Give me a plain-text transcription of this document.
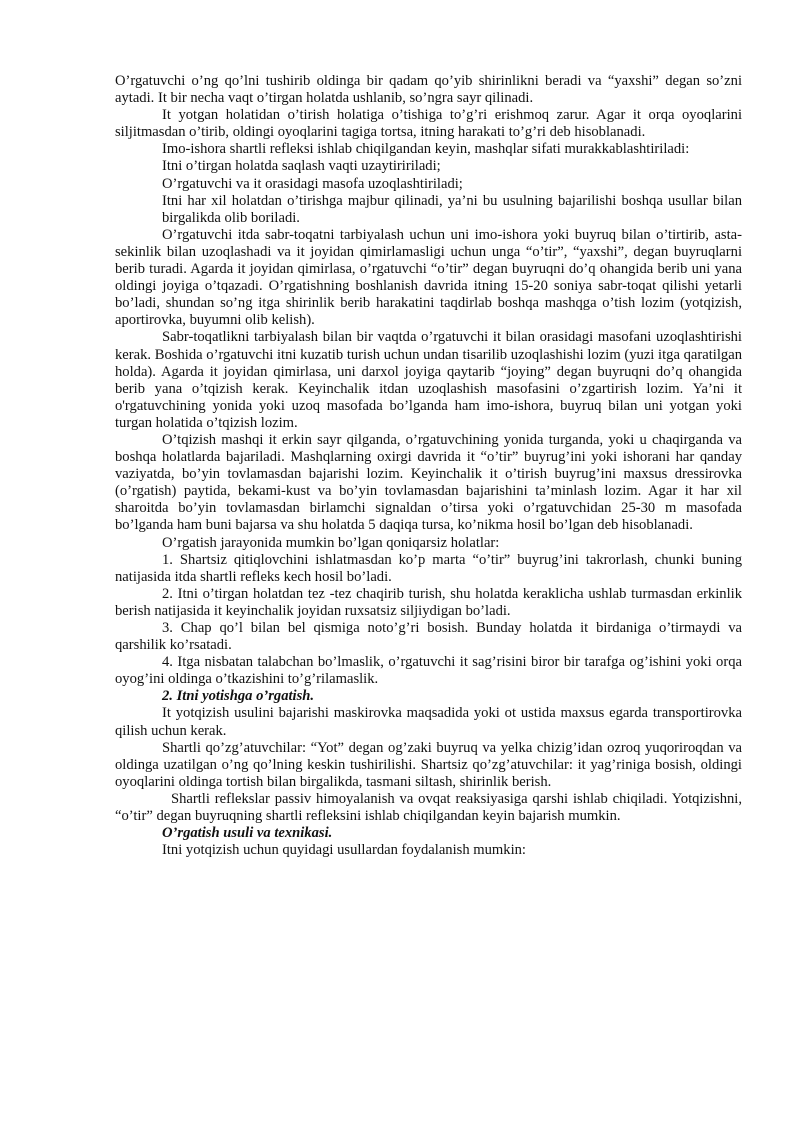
O’rgatuvchi o’ng qo’lni tushirib oldinga bir qadam qo’yib shirinlikni beradi va “yaxshi” degan so’zni aytadi. It bir necha vaqt o’tirgan holatda ushlanib, so’ngra sayr qilinadi.

It yotgan holatidan o’tirish holatiga o’tishiga to’g’ri erishmoq zarur. Agar it orqa oyoqlarini siljitmasdan o’tirib, oldingi oyoqlarini tagiga tortsa, itning harakati to’g’ri deb hisoblanadi.

Imo-ishora shartli refleksi ishlab chiqilgandan keyin, mashqlar sifati murakkablashtiriladi:

Itni o’tirgan holatda saqlash vaqti uzaytiririladi;

O’rgatuvchi va it orasidagi masofa uzoqlashtiriladi;

Itni har xil holatdan o’tirishga majbur qilinadi, ya’ni bu usulning bajarilishi boshqa usullar bilan birgalikda olib boriladi.

O’rgatuvchi itda sabr-toqatni tarbiyalash uchun uni imo-ishora yoki buyruq bilan o’tirtirib, asta-sekinlik bilan uzoqlashadi va it joyidan qimirlamasligi uchun unga “o’tir”, “yaxshi”, degan buyruqlarni berib turadi. Agarda it joyidan qimirlasa, o’rgatuvchi “o’tir” degan buyruqni do’q ohangida berib uni yana oldingi joyiga o’tqazadi. O’rgatishning boshlanish davrida itning 15-20 soniya sabr-toqat qilishi yetarli bo’ladi, shundan so’ng itga shirinlik berib harakatini taqdirlab boshqa mashqga o’tish lozim (yotqizish, aportirovka, buyumni olib kelish).

Sabr-toqatlikni tarbiyalash bilan bir vaqtda o’rgatuvchi it bilan orasidagi masofani uzoqlashtirishi kerak. Boshida o’rgatuvchi itni kuzatib turish uchun undan tisarilib uzoqlashishi lozim (yuzi itga qaratilgan holda). Agarda it joyidan qimirlasa, uni darxol joyiga qaytarib “joying” degan buyruqni do’q ohangida berib yana o’tqizish kerak. Keyinchalik itdan uzoqlashish masofasini o’zgartirish lozim. Ya’ni it o'rgatuvchining yonida yoki uzoq masofada bo’lganda ham imo-ishora, buyruq bilan uni yotgan yoki turgan holatida o’tqizish lozim.

O’tqizish mashqi it erkin sayr qilganda, o’rgatuvchining yonida turganda, yoki u chaqirganda va boshqa holatlarda bajariladi. Mashqlarning oxirgi davrida it “o’tir” buyrug’ini yoki ishorani har qanday vaziyatda, bo’yin tovlamasdan bajarishi lozim. Keyinchalik it o’tirish buyrug’ini maxsus dressirovka (o’rgatish) paytida, bekami-kust va bo’yin tovlamasdan bajarishini ta’minlash lozim. Agar it har xil sharoitda bo’yin tovlamasdan birlamchi signaldan o’tirsa yoki o’rgatuvchidan 25-30 m masofada bo’lganda ham buni bajarsa va shu holatda 5 daqiqa tursa, ko’nikma hosil bo’lgan deb hisoblanadi.

O’rgatish jarayonida mumkin bo’lgan qoniqarsiz holatlar:

1. Shartsiz qitiqlovchini ishlatmasdan ko’p marta “o’tir” buyrug’ini takrorlash, chunki buning natijasida itda shartli refleks kech hosil bo’ladi.

2. Itni o’tirgan holatdan tez -tez chaqirib turish, shu holatda keraklicha ushlab turmasdan erkinlik berish natijasida it keyinchalik joyidan ruxsatsiz siljiydigan bo’ladi.

3. Chap qo’l bilan bel qismiga noto’g’ri bosish. Bunday holatda it birdaniga o’tirmaydi va qarshilik ko’rsatadi.

4. Itga nisbatan talabchan bo’lmaslik, o’rgatuvchi it sag’risini biror bir tarafga og’ishini yoki orqa oyog’ini oldinga o’tkazishini to’g’rilamaslik.

2. Itni yotishga o’rgatish.

It yotqizish usulini bajarishi maskirovka maqsadida yoki ot ustida maxsus egarda transportirovka qilish uchun kerak.

Shartli qo’zg’atuvchilar: “Yot” degan og’zaki buyruq va yelka chizig’idan ozroq yuqoriroqdan va oldinga uzatilgan o’ng qo’lning keskin tushirilishi. Shartsiz qo’zg’atuvchilar: it yag’riniga bosish, oldingi oyoqlarini oldinga tortish bilan birgalikda, tasmani siltash, shirinlik berish.

Shartli reflekslar passiv himoyalanish va ovqat reaksiyasiga qarshi ishlab chiqiladi. Yotqizishni, “o’tir” degan buyruqning shartli refleksini ishlab chiqilgandan keyin bajarish mumkin.

O’rgatish usuli va texnikasi.

Itni yotqizish uchun quyidagi usullardan foydalanish mumkin:
